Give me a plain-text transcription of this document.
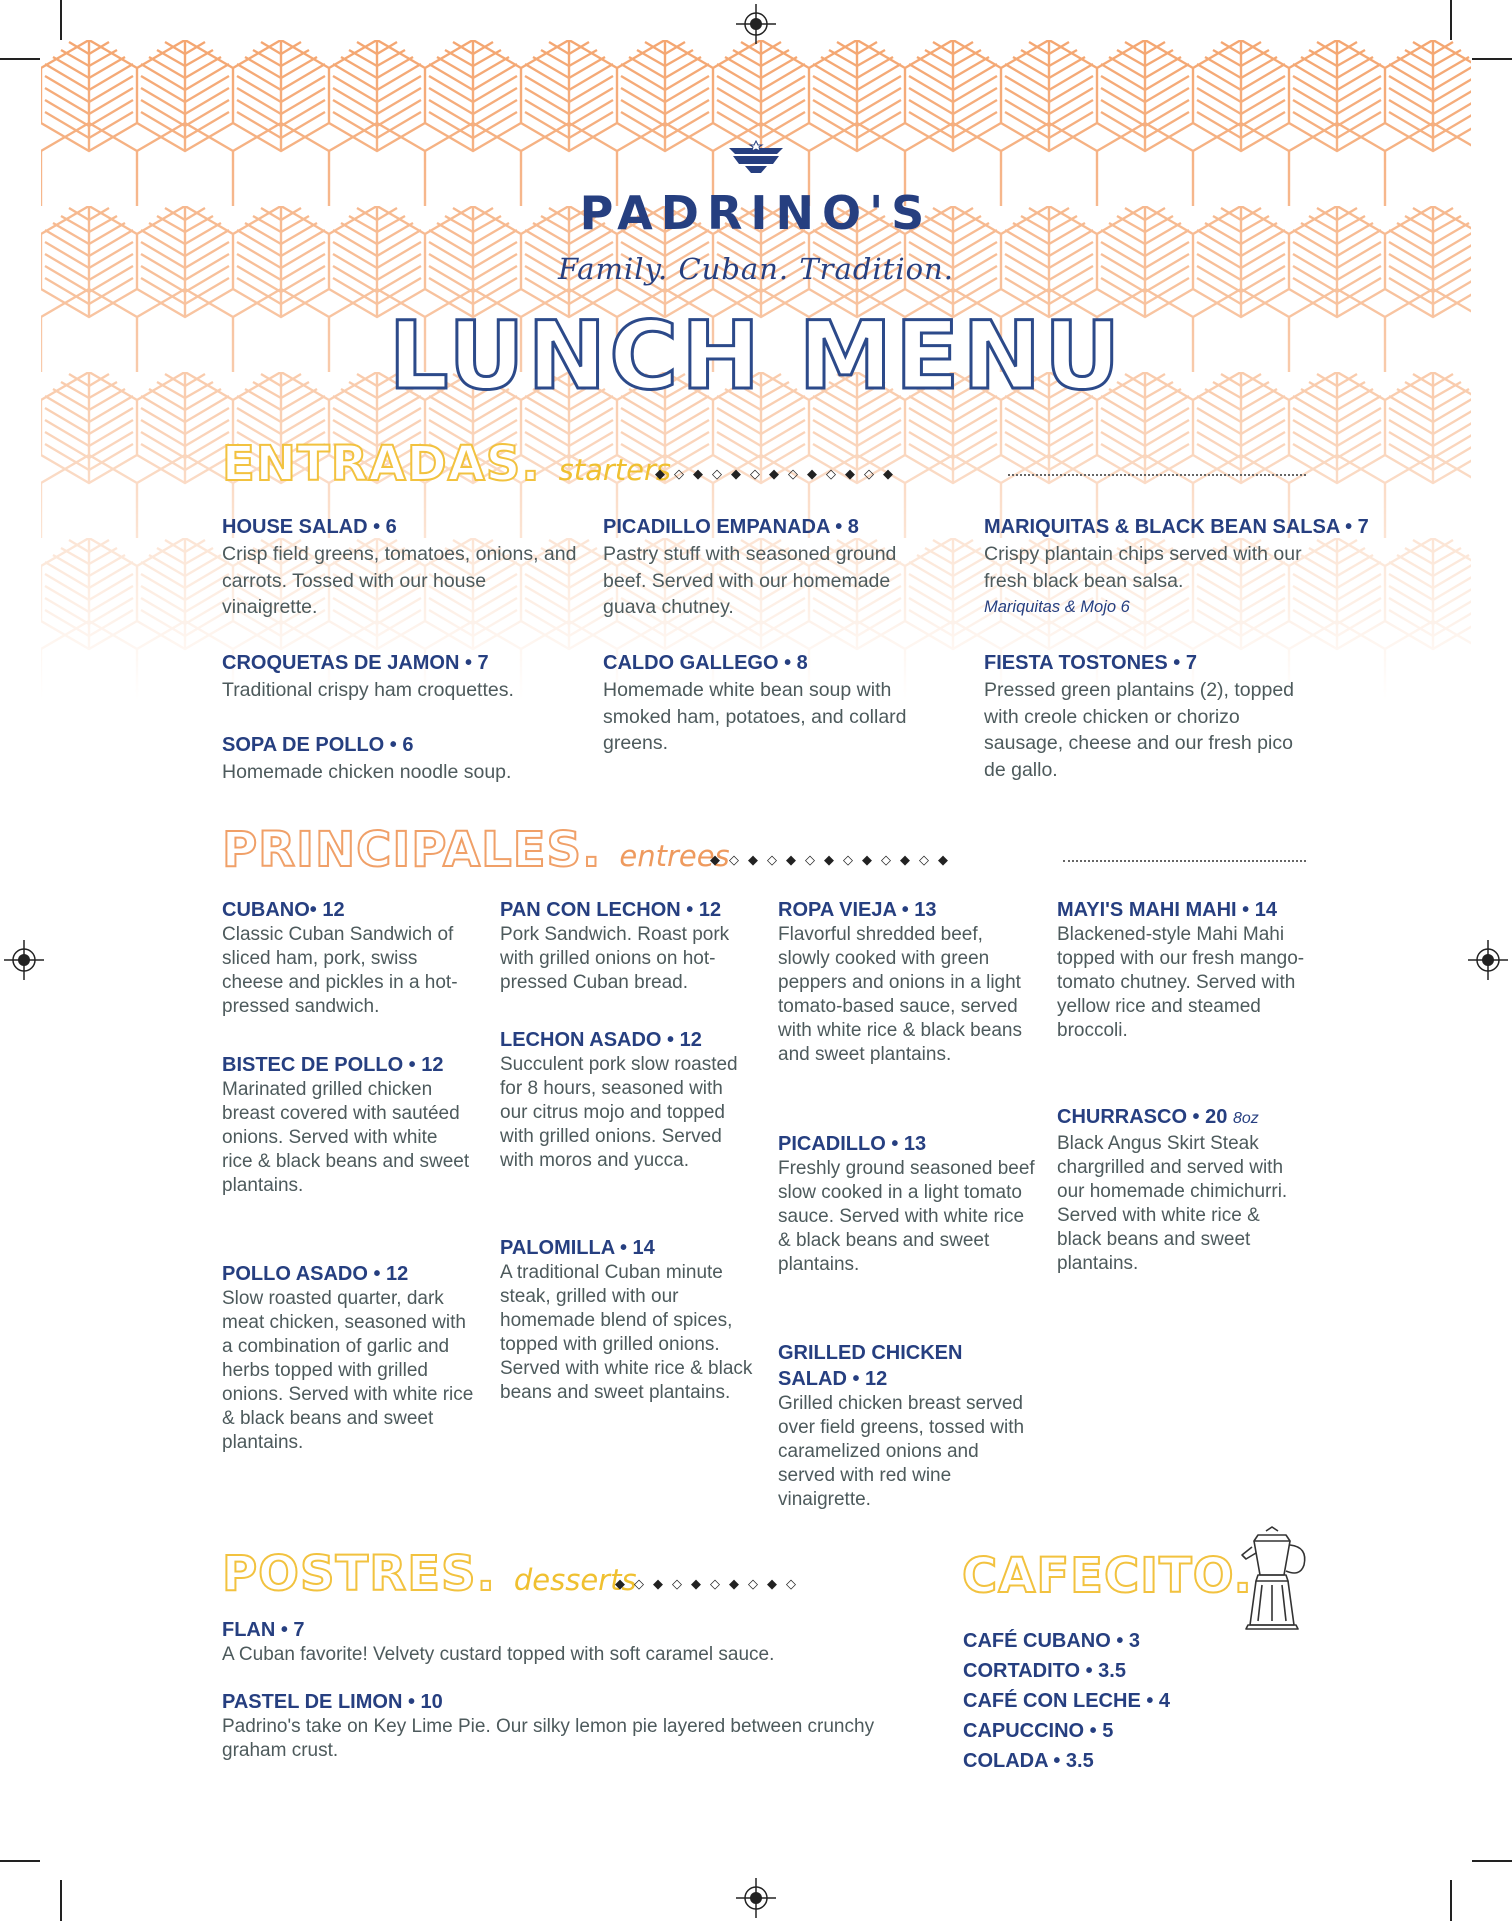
PADRINO'S
Family. Cuban. Tradition.
LUNCH MENU
ENTRADAS. starters
◆◇◆◇◆◇◆◇◆◇◆◇◆
HOUSE SALAD • 6
Crisp field greens, tomatoes, onions, and carrots. Tossed with our house vinaigrette.
PICADILLO EMPANADA • 8
Pastry stuff with seasoned ground beef. Served with our homemade guava chutney.
MARIQUITAS & BLACK BEAN SALSA • 7
Crispy plantain chips served with our fresh black bean salsa.
Mariquitas & Mojo 6
CROQUETAS DE JAMON • 7
Traditional crispy ham croquettes.
CALDO GALLEGO • 8
Homemade white bean soup with smoked ham, potatoes, and collard greens.
FIESTA TOSTONES • 7
Pressed green plantains (2), topped with creole chicken or chorizo sausage, cheese and our fresh pico de gallo.
SOPA DE POLLO • 6
Homemade chicken noodle soup.
PRINCIPALES. entrees
◆◇◆◇◆◇◆◇◆◇◆◇◆
CUBANO• 12
Classic Cuban Sandwich of sliced ham, pork, swiss cheese and pickles in a hot-pressed sandwich.
BISTEC DE POLLO • 12
Marinated grilled chicken breast covered with sautéed onions. Served with white rice & black beans and sweet plantains.
POLLO ASADO • 12
Slow roasted quarter, dark meat chicken, seasoned with a combination of garlic and herbs topped with grilled onions. Served with white rice & black beans and sweet plantains.
PAN CON LECHON • 12
Pork Sandwich. Roast pork with grilled onions on hot-pressed Cuban bread.
LECHON ASADO • 12
Succulent pork slow roasted for 8 hours, seasoned with our citrus mojo and topped with grilled onions. Served with moros and yucca.
PALOMILLA • 14
A traditional Cuban minute steak, grilled with our homemade blend of spices, topped with grilled onions. Served with white rice & black beans and sweet plantains.
ROPA VIEJA • 13
Flavorful shredded beef, slowly cooked with green peppers and onions in a light tomato-based sauce, served with white rice & black beans and sweet plantains.
PICADILLO • 13
Freshly ground seasoned beef slow cooked in a light tomato sauce. Served with white rice & black beans and sweet plantains.
GRILLED CHICKEN SALAD • 12
Grilled chicken breast served over field greens, tossed with caramelized onions and served with red wine vinaigrette.
MAYI'S MAHI MAHI • 14
Blackened-style Mahi Mahi topped with our fresh mango-tomato chutney. Served with yellow rice and steamed broccoli.
CHURRASCO • 20 8oz
Black Angus Skirt Steak chargrilled and served with our homemade chimichurri. Served with white rice & black beans and sweet plantains.
POSTRES. desserts
◆◇◆◇◆◇◆◇◆◇
FLAN • 7
A Cuban favorite! Velvety custard topped with soft caramel sauce.
PASTEL DE LIMON • 10
Padrino's take on Key Lime Pie. Our silky lemon pie layered between crunchy graham crust.
CAFECITO.
CAFÉ CUBANO • 3
CORTADITO • 3.5
CAFÉ CON LECHE • 4
CAPUCCINO • 5
COLADA • 3.5
